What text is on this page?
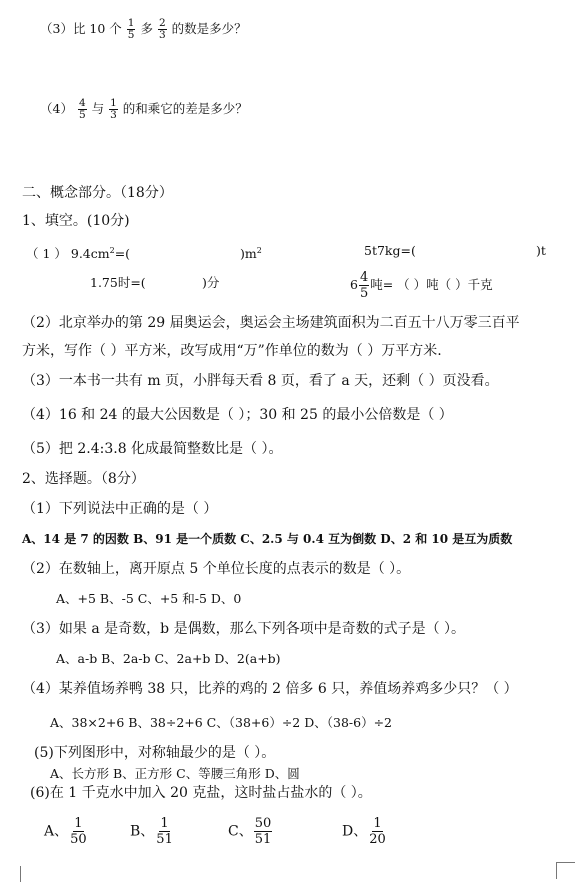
（3）比 10 个 $\frac{1}{5}$ 多 $\frac{2}{3}$ 的数是多少？
$(4) \frac{4}{5}$ 与 $\frac{1}{3}$ 的和乘它的差是多少？
二、概念部分。（18分）
1、填空。(10分)
（ 1 ） $9.4cm^2=$(	)$m^2$	5t7kg=(	)t
1.75时=(	)分	$6 \frac{4}{5}$ 吨= （ ）吨（ ）千克
（2）北京举办的第 29 届奥运会，奥运会主场建筑面积为二百五十八万零三百平
方米，写作（ ）平方米，改写成用“万”作单位的数为（ ）万平方米.
（3）一本书一共有 m 页，小胖每天看 8 页，看了 a 天，还剩（ ）页没看。
（4）16 和 24 的最大公因数是（ ）；30 和 25 的最小公倍数是（ ）
（5）把 2.4:3.8 化成最简整数比是（ ）。
2、选择题。（8分）
（1）下列说法中正确的是（ ）
A、14 是 7 的因数 B、91 是一个质数 C、2.5 与 0.4 互为倒数 D、2 和 10 是互为质数
（2）在数轴上，离开原点 5 个单位长度的点表示的数是（ ）。
A、+5 B、-5 C、+5 和-5 D、0
（3）如果 a 是奇数，b 是偶数，那么下列各项中是奇数的式子是（ ）。
A、a-b B、2a-b C、2a+b D、2(a+b)
（4）某养值场养鸭 38 只，比养的鸡的 2 倍多 6 只，养值场养鸡多少只？（ ）
A、38×2+6 B、38÷2+6 C、（38+6）÷2 D、（38-6）÷2
(5)下列图形中，对称轴最少的是（ ）。
A、长方形 B、正方形 C、等腰三角形 D、圆
(6)在 1 千克水中加入 20 克盐，这时盐占盐水的（ ）。
A、 $\frac{1}{50}$	B、 $\frac{1}{51}$	C、 $\frac{50}{51}$	D、 $\frac{1}{20}$
